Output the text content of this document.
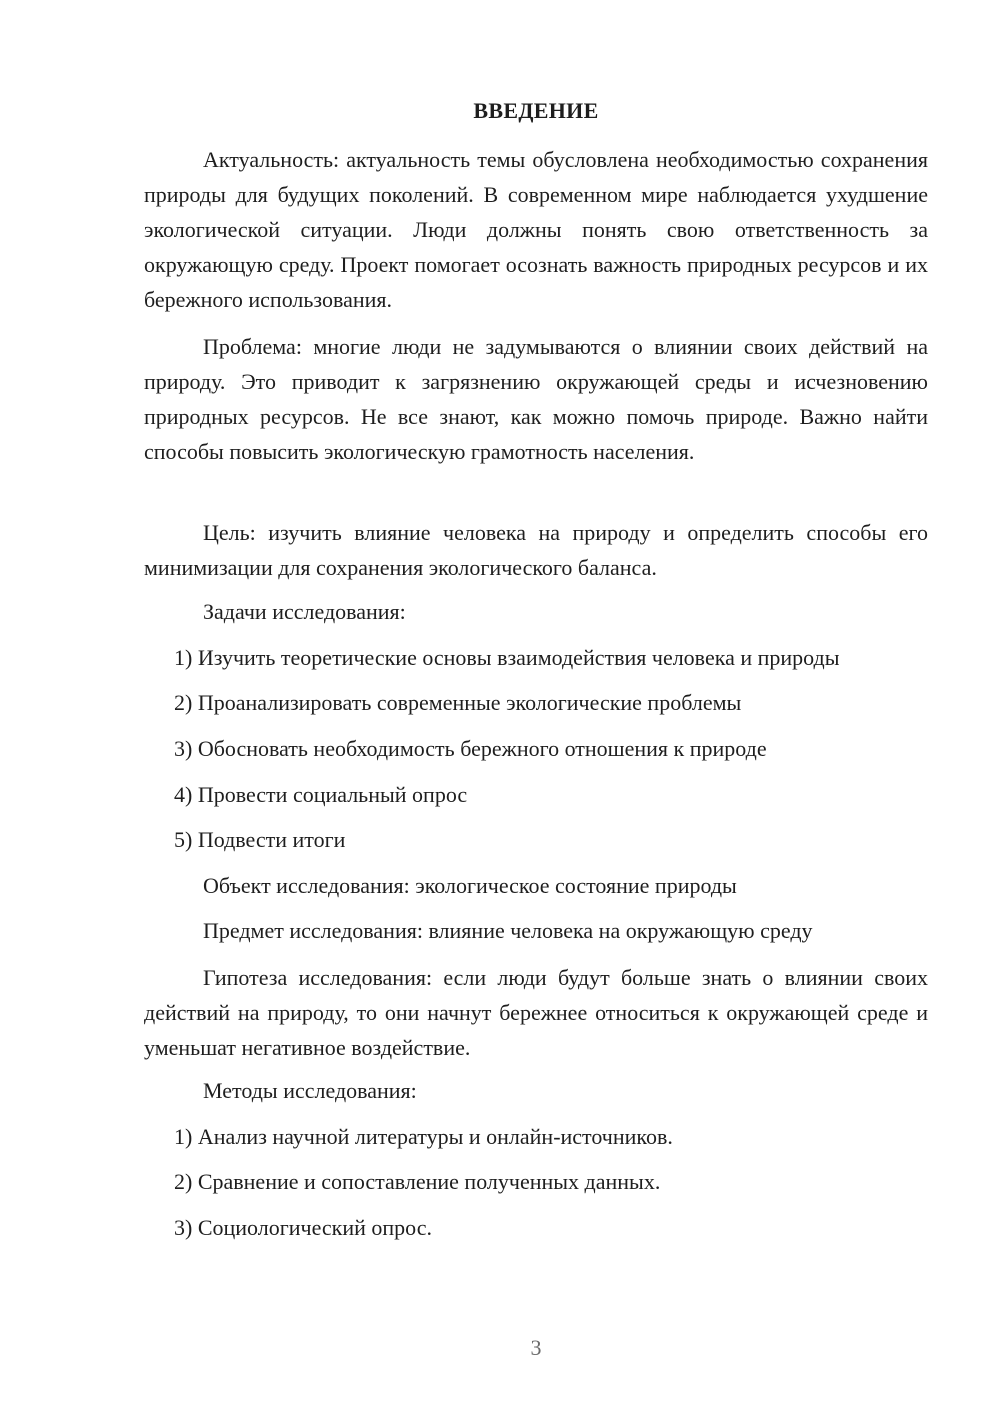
ВВЕДЕНИЕ
Актуальность: актуальность темы обусловлена необходимостью сохранения природы для будущих поколений. В современном мире наблюдается ухудшение экологической ситуации. Люди должны понять свою ответственность за окружающую среду. Проект помогает осознать важность природных ресурсов и их бережного использования.
Проблема: многие люди не задумываются о влиянии своих действий на природу. Это приводит к загрязнению окружающей среды и исчезновению природных ресурсов. Не все знают, как можно помочь природе. Важно найти способы повысить экологическую грамотность населения.
Цель: изучить влияние человека на природу и определить способы его минимизации для сохранения экологического баланса.
Задачи исследования:
1) Изучить теоретические основы взаимодействия человека и природы
2) Проанализировать современные экологические проблемы
3) Обосновать необходимость бережного отношения к природе
4) Провести социальный опрос
5) Подвести итоги
Объект исследования: экологическое состояние природы
Предмет исследования: влияние человека на окружающую среду
Гипотеза исследования: если люди будут больше знать о влиянии своих действий на природу, то они начнут бережнее относиться к окружающей среде и уменьшат негативное воздействие.
Методы исследования:
1) Анализ научной литературы и онлайн-источников.
2) Сравнение и сопоставление полученных данных.
3) Социологический опрос.
3
